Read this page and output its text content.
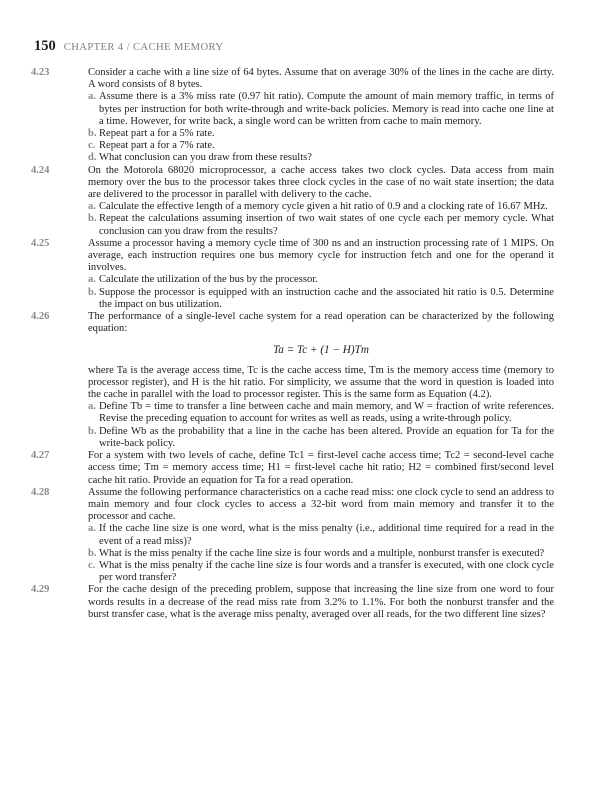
150 CHAPTER 4 / CACHE MEMORY
4.23	Consider a cache with a line size of 64 bytes. Assume that on average 30% of the lines in the cache are dirty. A word consists of 8 bytes.

a. Assume there is a 3% miss rate (0.97 hit ratio). Compute the amount of main memory traffic, in terms of bytes per instruction for both write-through and write-back policies. Memory is read into cache one line at a time. However, for write back, a single word can be written from cache to main memory.

b. Repeat part a for a 5% rate.

c. Repeat part a for a 7% rate.

d. What conclusion can you draw from these results?

4.24	On the Motorola 68020 microprocessor, a cache access takes two clock cycles. Data access from main memory over the bus to the processor takes three clock cycles in the case of no wait state insertion; the data are delivered to the processor in parallel with delivery to the cache.

a. Calculate the effective length of a memory cycle given a hit ratio of 0.9 and a clocking rate of 16.67 MHz.

b. Repeat the calculations assuming insertion of two wait states of one cycle each per memory cycle. What conclusion can you draw from the results?

4.25	Assume a processor having a memory cycle time of 300 ns and an instruction processing rate of 1 MIPS. On average, each instruction requires one bus memory cycle for instruction fetch and one for the operand it involves.

a. Calculate the utilization of the bus by the processor.

b. Suppose the processor is equipped with an instruction cache and the associated hit ratio is 0.5. Determine the impact on bus utilization.

4.26	The performance of a single-level cache system for a read operation can be characterized by the following equation:

Ta = Tc + (1 − H)Tm

where Ta is the average access time, Tc is the cache access time, Tm is the memory access time (memory to processor register), and H is the hit ratio. For simplicity, we assume that the word in question is loaded into the cache in parallel with the load to processor register. This is the same form as Equation (4.2).

a. Define Tb = time to transfer a line between cache and main memory, and W = fraction of write references. Revise the preceding equation to account for writes as well as reads, using a write-through policy.

b. Define Wb as the probability that a line in the cache has been altered. Provide an equation for Ta for the write-back policy.

4.27	For a system with two levels of cache, define Tc1 = first-level cache access time; Tc2 = second-level cache access time; Tm = memory access time; H1 = first-level cache hit ratio; H2 = combined first/second level cache hit ratio. Provide an equation for Ta for a read operation.

4.28	Assume the following performance characteristics on a cache read miss: one clock cycle to send an address to main memory and four clock cycles to access a 32-bit word from main memory and transfer it to the processor and cache.

a. If the cache line size is one word, what is the miss penalty (i.e., additional time required for a read in the event of a read miss)?

b. What is the miss penalty if the cache line size is four words and a multiple, nonburst transfer is executed?

c. What is the miss penalty if the cache line size is four words and a transfer is executed, with one clock cycle per word transfer?

4.29	For the cache design of the preceding problem, suppose that increasing the line size from one word to four words results in a decrease of the read miss rate from 3.2% to 1.1%. For both the nonburst transfer and the burst transfer case, what is the average miss penalty, averaged over all reads, for the two different line sizes?
